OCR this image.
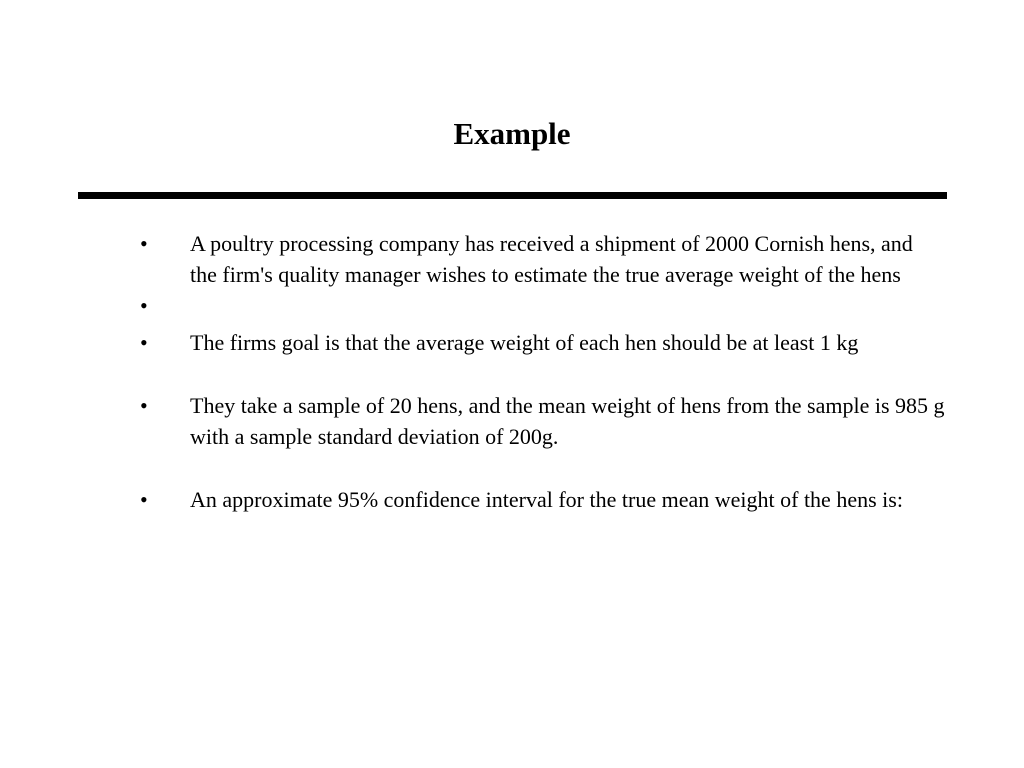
Example
•	A poultry processing company has received a shipment of 2000 Cornish hens, and the firm's quality manager wishes to estimate the true average weight of the hens
•
•	The firms goal is that the average weight of each hen should be at least 1 kg
•	They take a sample of 20 hens, and the mean weight of hens from the sample is 985 g with a sample standard deviation of 200g.
•	An approximate 95% confidence interval for the true mean weight of the hens is:
